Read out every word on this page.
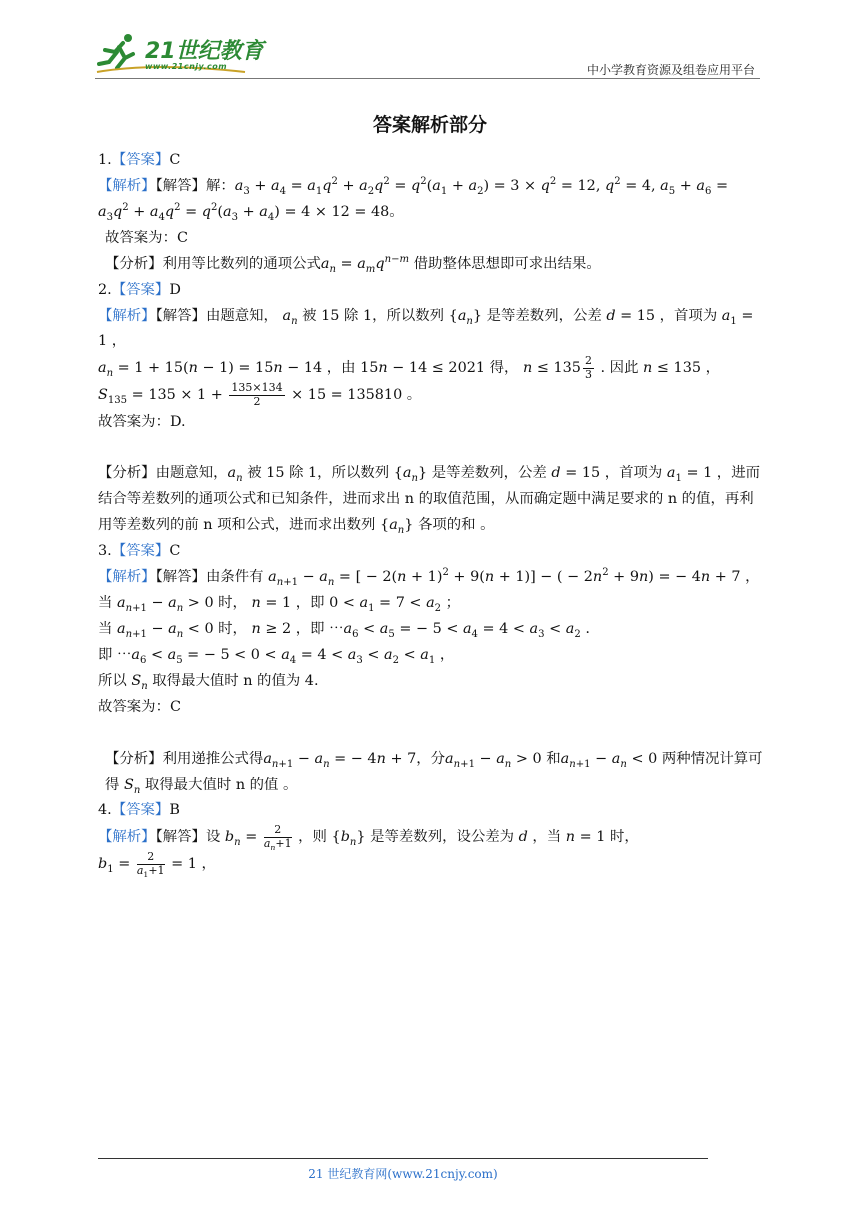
21世纪教育
www.21cnjy.com	中小学教育资源及组卷应用平台
答案解析部分

1.【答案】C

【解析】【解答】解：$a_3 + a_4 = a_1q^2 + a_2q^2 = q^2(a_1 + a_2) = 3 \times q^2 = 12$, $q^2 = 4$, $a_5 + a_6 = a_3q^2 + a_4q^2 = q^2(a_3 + a_4) = 4 \times 12 = 48$。

故答案为：C

【分析】利用等比数列的通项公式$a_n = a_mq^{n-m}$ 借助整体思想即可求出结果。

2.【答案】D

【解析】【解答】由题意知， $a_n$ 被 15 除 1，所以数列 $\{a_n\}$ 是等差数列，公差 d = 15 ，首项为 $a_1 = 1$ ，

$a_n = 1 + 15(n - 1) = 15n - 14$ ，由 15n − 14 ≤ 2021 得， $n \le 135 \frac{2}{3}$ . 因此 n ≤ 135 ，

$S_{135} = 135 \times 1 + \frac{135\times 134}{2} \times 15 = 135810$ 。

故答案为：D.

【分析】由题意知，$a_n$ 被 15 除 1，所以数列 $\{a_n\}$ 是等差数列，公差 d = 15 ，首项为 $a_1 = 1$ ，进而结合等差数列的通项公式和已知条件，进而求出 n 的取值范围，从而确定题中满足要求的 n 的值，再利用等差数列的前 n 项和公式，进而求出数列 $\{a_n\}$ 各项的和 。

3.【答案】C

【解析】【解答】由条件有 $a_{n+1} - a_n$ = [ − $2(n + 1)^2 + 9(n + 1)$] − ( − $2n^2 + 9n$) = − 4n + 7 ，

当 $a_{n+1} - a_n > 0$ 时， n = 1 ，即 $0 < a_1 = 7 < a_2$ ；

当 $a_{n+1} - a_n < 0$ 时， n ≥ 2 ，即 $\cdots a_6 < a_5$ = − $5 < a_4 = 4 < a_3 < a_2$ .

即 $\cdots a_6 < a_5$ = − $5 < 0 < a_4 = 4 < a_3 < a_2 < a_1$ ，

所以 $S_n$ 取得最大值时 n 的值为 4.

故答案为：C

【分析】利用递推公式得$a_{n+1} - a_n$ = − 4n + 7，分$a_{n+1} - a_n > 0$ 和$a_{n+1} - a_n < 0$ 两种情况计算可得 $S_n$ 取得最大值时 n 的值 。

4.【答案】B

【解析】【解答】设 $b_n = \frac{2}{a_n+1}$ ，则 $\{b_n\}$ 是等差数列，设公差为 d ，当 n = 1 时，

$b_1 = \frac{2}{a_1+1} = 1$ ，

21 世纪教育网(www.21cnjy.com)
